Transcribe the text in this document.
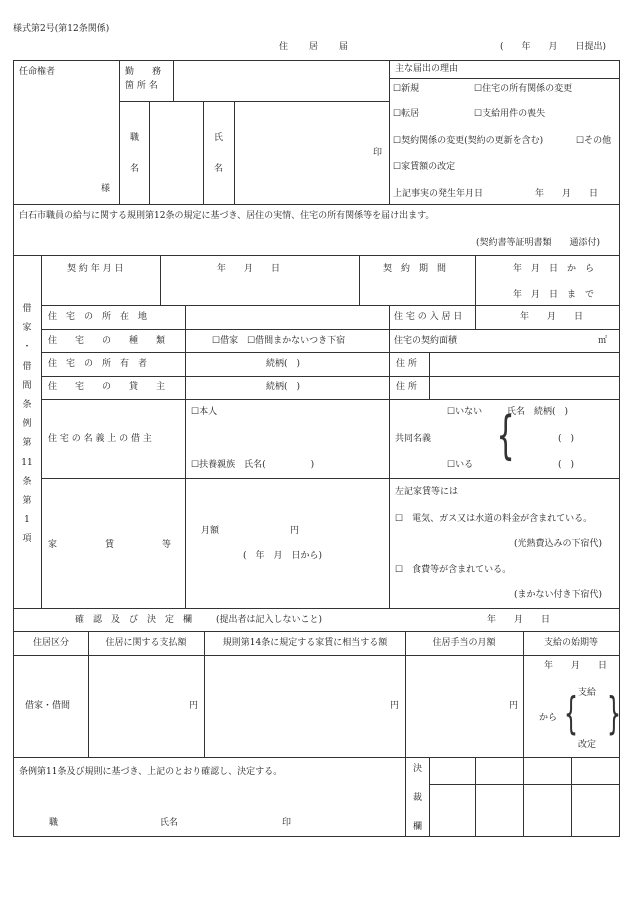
様式第2号(第12条関係)
住　　居　　届	(　　年　　月　　日提出)
任命権者
様
勤　　務
箇 所 名
職
名
氏
名
印
主な届出の理由
☐新規	☐住宅の所有関係の変更
☐転居	☐支給用件の喪失
☐契約関係の変更(契約の更新を含む)	☐その他
☐家賃額の改定
上記事実の発生年月日	年　　月　　日
白石市職員の給与に関する規則第12条の規定に基づき、居住の実情、住宅の所有関係等を届け出ます。
(契約書等証明書類　　通添付)
借
家
・
借
間
条
例
第
11
条
第
1
項
契 約 年 月 日	年　　月　　日	契　約　期　間	年　月　日　か　ら
年　月　日　ま　で
住　宅　の　所　在　地	住 宅 の 入 居 日	年　　月　　日
住　　宅　　の　　種　　類	☐借家　☐借間まかないつき下宿	住宅の契約面積	㎡
住　宅　の　所　有　者	続柄(　)	住 所
住　　宅　　の　　貸　　主	続柄(　)	住 所
住 宅 の 名 義 上 の 借 主
☐本人
☐扶養親族　氏名(　　　　　)
共同名義
☐いない
☐いる {
氏名　続柄(　)
(　)
(　)
家　　　　　賃　　　　　等
月額	円
(　年　月　日から)
左記家賃等には
☐　電気、ガス又は水道の料金が含まれている。
(光熱費込みの下宿代)
☐　食費等が含まれている。
(まかない付き下宿代)
確　認　及　び　決　定　欄	(提出者は記入しないこと)	年　　月　　日
住居区分	住居に関する支払額	規則第14条に規定する家賃に相当する額	住居手当の月額	支給の始期等
借家・借間	円	円	円
年　　月　　日
から { 支給
改定
}
条例第11条及び規則に基づき、上記のとおり確認し、決定する。
職	氏名	印
決
裁
欄
